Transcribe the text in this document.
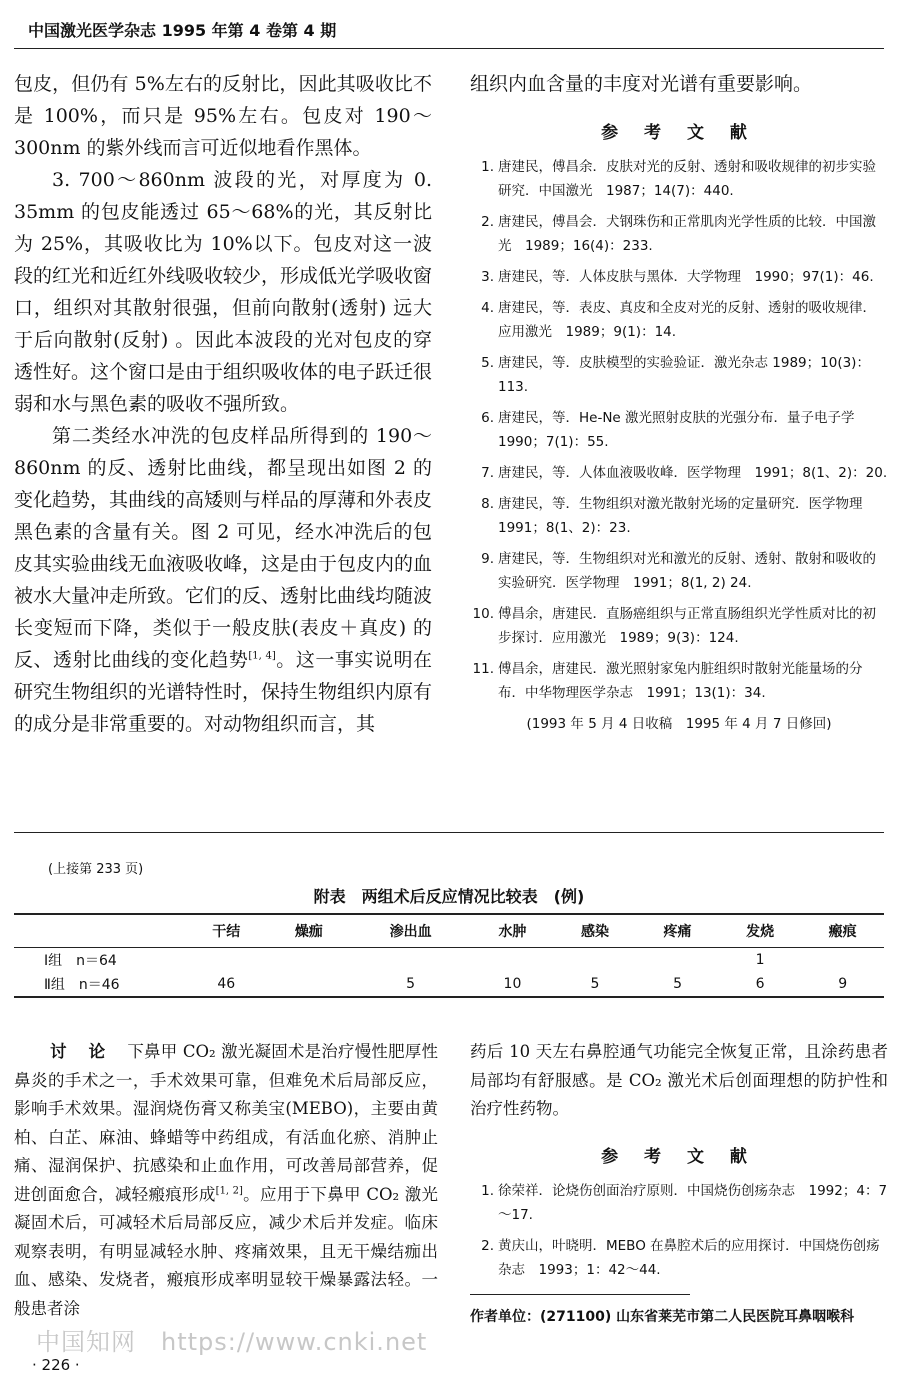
中国激光医学杂志 1995 年第 4 卷第 4 期

包皮，但仍有 5%左右的反射比，因此其吸收比不是 100%，而只是 95%左右。包皮对 190～300nm 的紫外线而言可近似地看作黑体。

3. 700～860nm 波段的光，对厚度为 0. 35mm 的包皮能透过 65～68%的光，其反射比为 25%，其吸收比为 10%以下。包皮对这一波段的红光和近红外线吸收较少，形成低光学吸收窗口，组织对其散射很强，但前向散射(透射) 远大于后向散射(反射) 。因此本波段的光对包皮的穿透性好。这个窗口是由于组织吸收体的电子跃迁很弱和水与黑色素的吸收不强所致。

第二类经水冲洗的包皮样品所得到的 190～860nm 的反、透射比曲线，都呈现出如图 2 的变化趋势，其曲线的高矮则与样品的厚薄和外表皮黑色素的含量有关。图 2 可见，经水冲洗后的包皮其实验曲线无血液吸收峰，这是由于包皮内的血被水大量冲走所致。它们的反、透射比曲线均随波长变短而下降，类似于一般皮肤(表皮＋真皮) 的反、透射比曲线的变化趋势[1, 4]。这一事实说明在研究生物组织的光谱特性时，保持生物组织内原有的成分是非常重要的。对动物组织而言，其

组织内血含量的丰度对光谱有重要影响。

参 考 文 献
1. 唐建民，傅昌余．皮肤对光的反射、透射和吸收规律的初步实验研究．中国激光　1987；14(7)：440.
2. 唐建民，傅昌会．犬钢珠伤和正常肌肉光学性质的比较．中国激光　1989；16(4)：233.
3. 唐建民，等．人体皮肤与黑体．大学物理　1990；97(1)：46.
4. 唐建民，等．表皮、真皮和全皮对光的反射、透射的吸收规律．应用激光　1989；9(1)：14.
5. 唐建民，等．皮肤模型的实验验证．激光杂志 1989；10(3)：113.
6. 唐建民，等．He-Ne 激光照射皮肤的光强分布．量子电子学　1990；7(1)：55.
7. 唐建民，等．人体血液吸收峰．医学物理　1991；8(1、2)：20.
8. 唐建民，等．生物组织对激光散射光场的定量研究．医学物理　1991；8(1、2)：23.
9. 唐建民，等．生物组织对光和激光的反射、透射、散射和吸收的实验研究．医学物理　1991；8(1, 2) 24.
10. 傅昌余，唐建民．直肠癌组织与正常直肠组织光学性质对比的初步探讨．应用激光　1989；9(3)：124.
11. 傅昌余，唐建民．激光照射家兔内脏组织时散射光能量场的分布．中华物理医学杂志　1991；13(1)：34.
(1993 年 5 月 4 日收稿　1995 年 4 月 7 日修回)
(上接第 233 页)
附表　两组术后反应情况比较表　(例)
	干结	燥痂	渗出血	水肿	感染	疼痛	发烧	瘢痕
Ⅰ组　n＝64							1	
Ⅱ组　n＝46	46		5	10	5	5	6	9

讨 论 下鼻甲 CO₂ 激光凝固术是治疗慢性肥厚性鼻炎的手术之一，手术效果可靠，但难免术后局部反应，影响手术效果。湿润烧伤膏又称美宝(MEBO)，主要由黄柏、白芷、麻油、蜂蜡等中药组成，有活血化瘀、消肿止痛、湿润保护、抗感染和止血作用，可改善局部营养，促进创面愈合，减轻瘢痕形成[1, 2]。应用于下鼻甲 CO₂ 激光凝固术后，可减轻术后局部反应，减少术后并发症。临床观察表明，有明显减轻水肿、疼痛效果，且无干燥结痂出血、感染、发烧者，瘢痕形成率明显较干燥暴露法轻。一般患者涂

药后 10 天左右鼻腔通气功能完全恢复正常，且涂药患者局部均有舒服感。是 CO₂ 激光术后创面理想的防护性和治疗性药物。

参 考 文 献
1. 徐荣祥．论烧伤创面治疗原则．中国烧伤创疡杂志　1992；4：7～17.
2. 黄庆山，叶晓明．MEBO 在鼻腔术后的应用探讨．中国烧伤创疡杂志　1993；1：42～44.
作者单位：(271100) 山东省莱芜市第二人民医院耳鼻咽喉科
中国知网　https://www.cnki.net
· 226 ·
